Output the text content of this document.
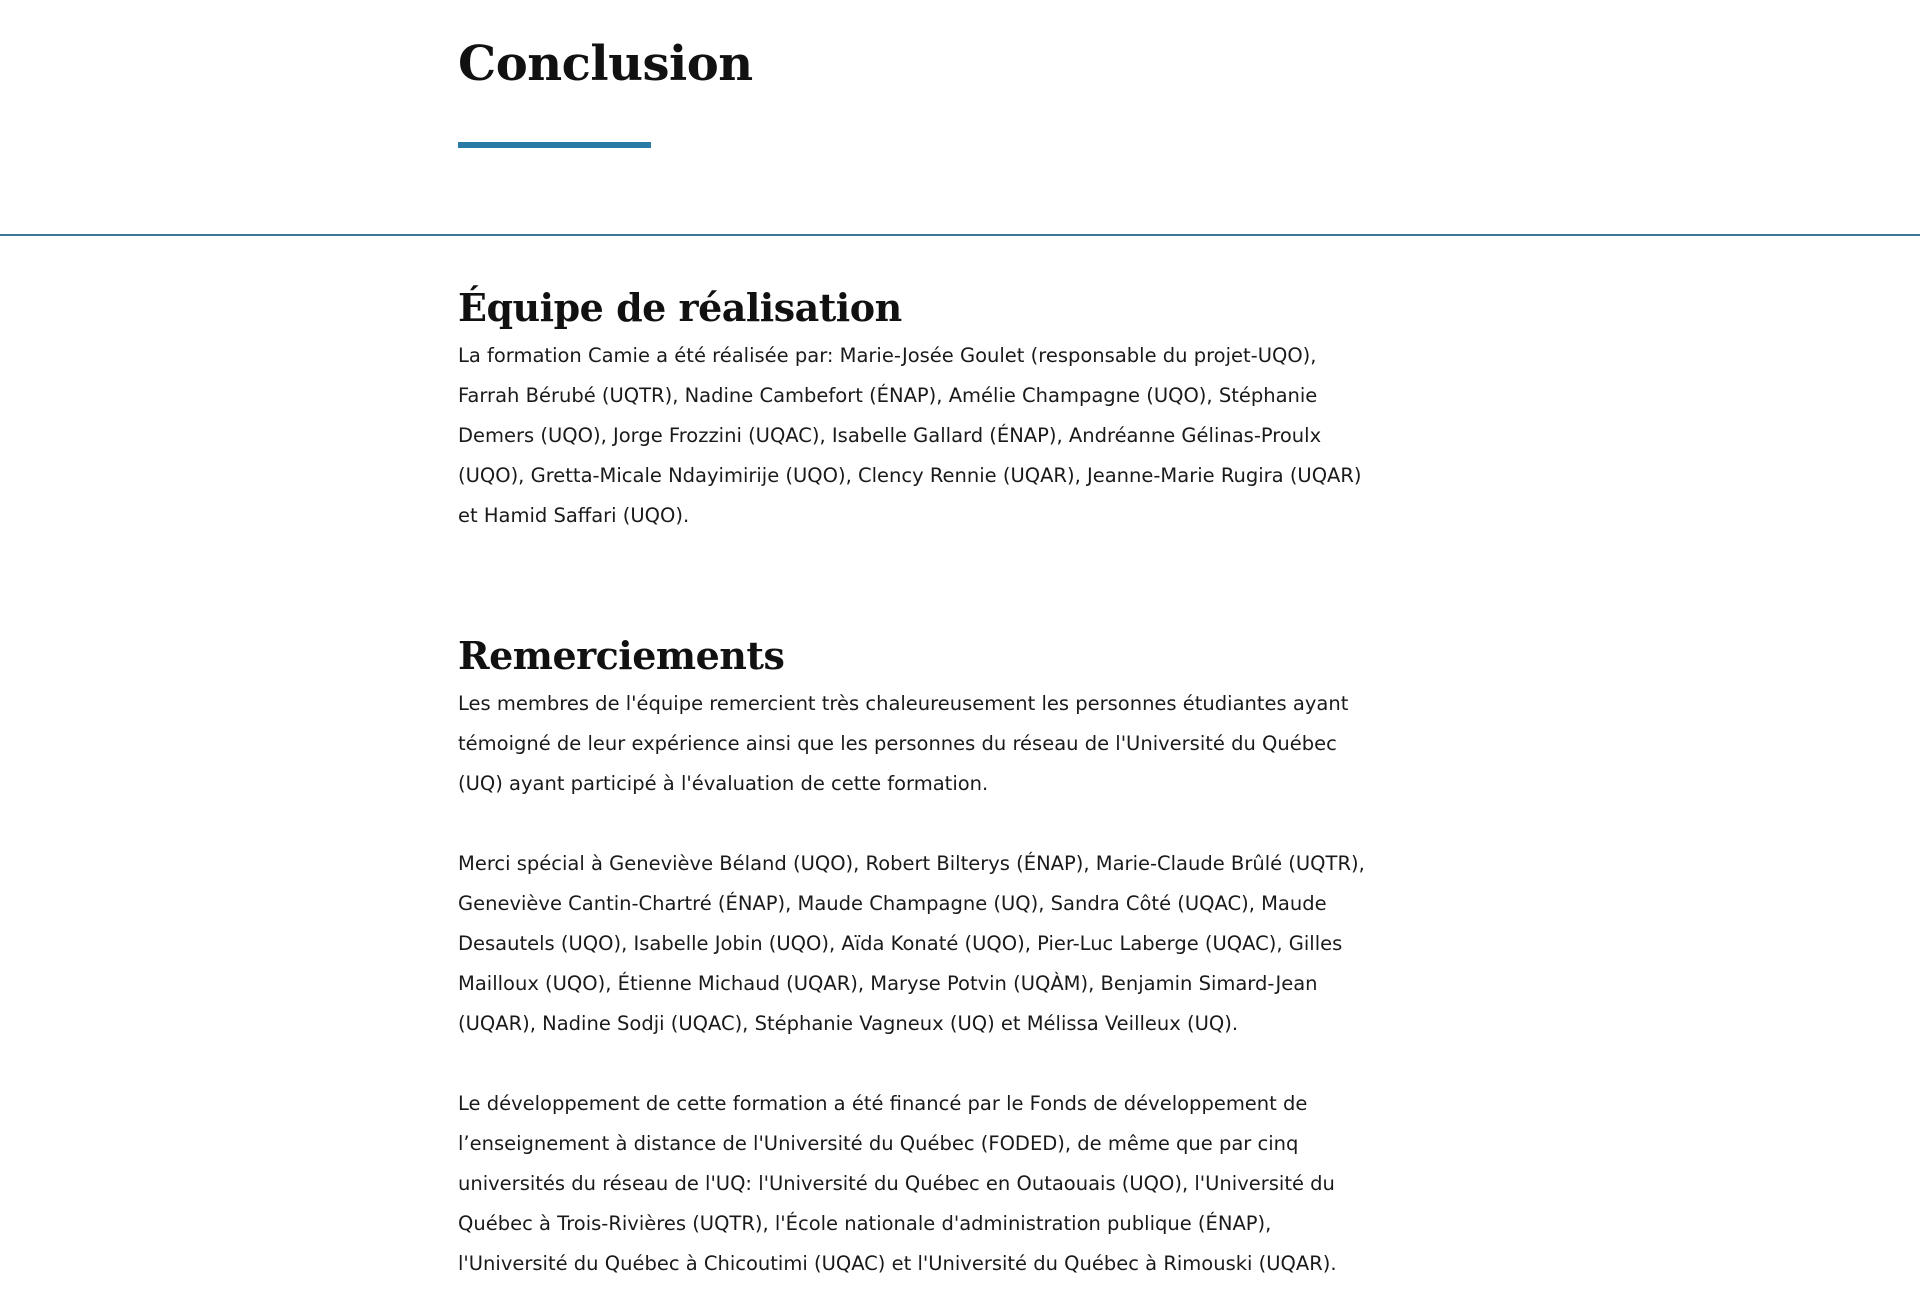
Conclusion
Équipe de réalisation

La formation Camie a été réalisée par: Marie-Josée Goulet (responsable du projet-UQO), Farrah Bérubé (UQTR), Nadine Cambefort (ÉNAP), Amélie Champagne (UQO), Stéphanie Demers (UQO), Jorge Frozzini (UQAC), Isabelle Gallard (ÉNAP), Andréanne Gélinas-Proulx (UQO), Gretta-Micale Ndayimirije (UQO), Clency Rennie (UQAR), Jeanne-Marie Rugira (UQAR) et Hamid Saffari (UQO).

Remerciements

Les membres de l'équipe remercient très chaleureusement les personnes étudiantes ayant témoigné de leur expérience ainsi que les personnes du réseau de l'Université du Québec (UQ) ayant participé à l'évaluation de cette formation.

Merci spécial à Geneviève Béland (UQO), Robert Bilterys (ÉNAP), Marie-Claude Brûlé (UQTR), Geneviève Cantin-Chartré (ÉNAP), Maude Champagne (UQ), Sandra Côté (UQAC), Maude Desautels (UQO), Isabelle Jobin (UQO), Aïda Konaté (UQO), Pier-Luc Laberge (UQAC), Gilles Mailloux (UQO), Étienne Michaud (UQAR), Maryse Potvin (UQÀM), Benjamin Simard-Jean (UQAR), Nadine Sodji (UQAC), Stéphanie Vagneux (UQ) et Mélissa Veilleux (UQ).

Le développement de cette formation a été financé par le Fonds de développement de l’enseignement à distance de l'Université du Québec (FODED), de même que par cinq universités du réseau de l'UQ: l'Université du Québec en Outaouais (UQO), l'Université du Québec à Trois-Rivières (UQTR), l'École nationale d'administration publique (ÉNAP), l'Université du Québec à Chicoutimi (UQAC) et l'Université du Québec à Rimouski (UQAR).
